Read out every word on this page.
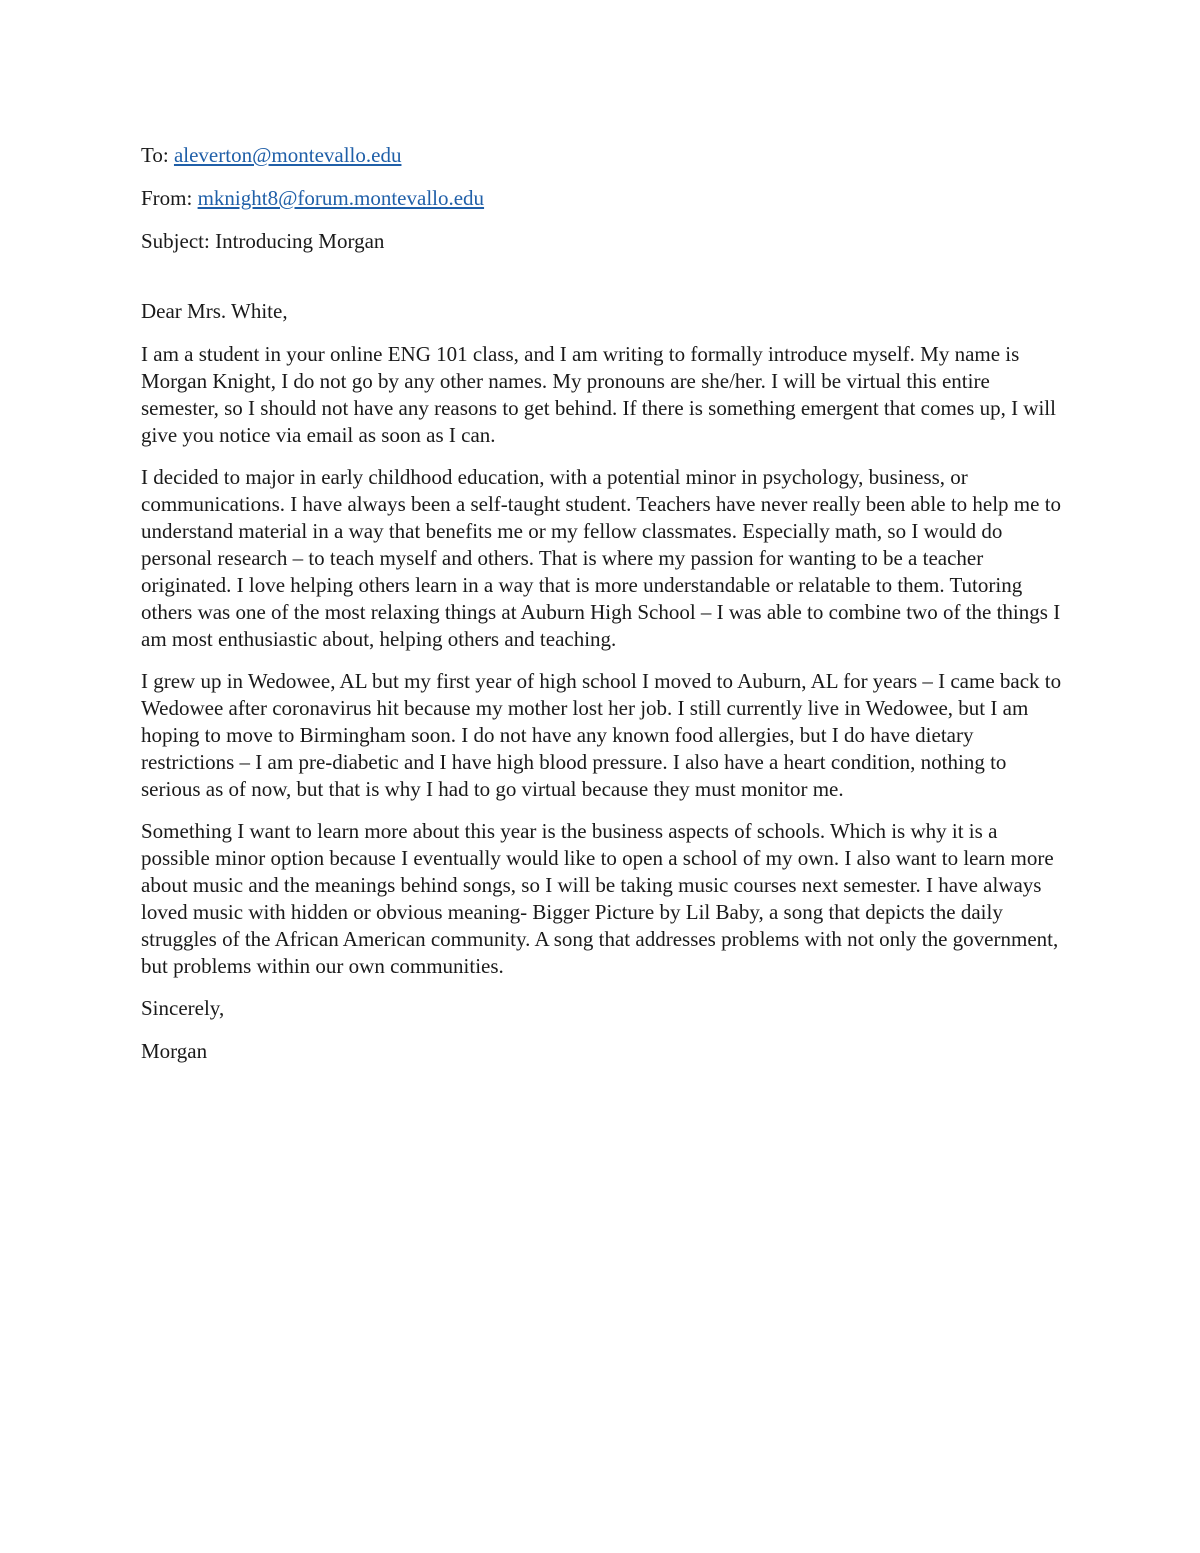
To: aleverton@montevallo.edu
From: mknight8@forum.montevallo.edu
Subject: Introducing Morgan

Dear Mrs. White,

I am a student in your online ENG 101 class, and I am writing to formally introduce myself. My name is Morgan Knight, I do not go by any other names. My pronouns are she/her. I will be virtual this entire semester, so I should not have any reasons to get behind. If there is something emergent that comes up, I will give you notice via email as soon as I can.

I decided to major in early childhood education, with a potential minor in psychology, business, or communications. I have always been a self-taught student. Teachers have never really been able to help me to understand material in a way that benefits me or my fellow classmates. Especially math, so I would do personal research – to teach myself and others. That is where my passion for wanting to be a teacher originated. I love helping others learn in a way that is more understandable or relatable to them. Tutoring others was one of the most relaxing things at Auburn High School – I was able to combine two of the things I am most enthusiastic about, helping others and teaching.

I grew up in Wedowee, AL but my first year of high school I moved to Auburn, AL for years – I came back to Wedowee after coronavirus hit because my mother lost her job. I still currently live in Wedowee, but I am hoping to move to Birmingham soon. I do not have any known food allergies, but I do have dietary restrictions – I am pre-diabetic and I have high blood pressure. I also have a heart condition, nothing to serious as of now, but that is why I had to go virtual because they must monitor me.

Something I want to learn more about this year is the business aspects of schools. Which is why it is a possible minor option because I eventually would like to open a school of my own. I also want to learn more about music and the meanings behind songs, so I will be taking music courses next semester. I have always loved music with hidden or obvious meaning- Bigger Picture by Lil Baby, a song that depicts the daily struggles of the African American community. A song that addresses problems with not only the government, but problems within our own communities.

Sincerely,

Morgan
